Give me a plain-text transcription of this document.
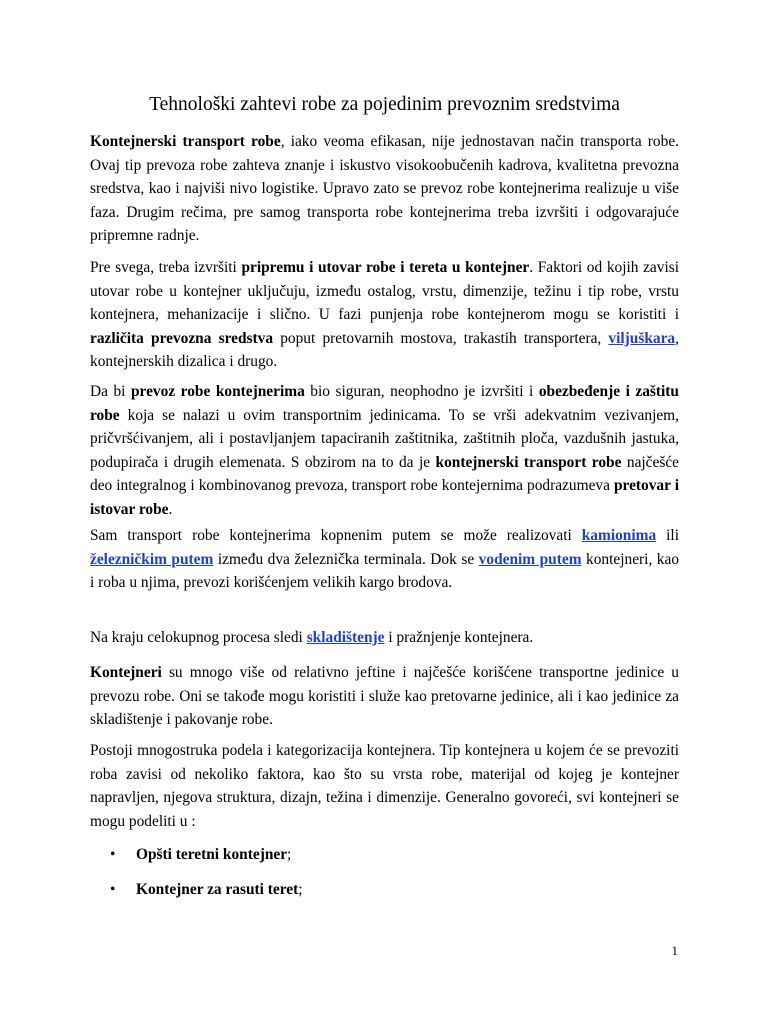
Tehnološki zahtevi robe za pojedinim prevoznim sredstvima

Kontejnerski transport robe, iako veoma efikasan, nije jednostavan način transporta robe. Ovaj tip prevoza robe zahteva znanje i iskustvo visokoobučenih kadrova, kvalitetna prevozna sredstva, kao i najviši nivo logistike. Upravo zato se prevoz robe kontejnerima realizuje u više faza. Drugim rečima, pre samog transporta robe kontejnerima treba izvršiti i odgovarajuće pripremne radnje.

Pre svega, treba izvršiti pripremu i utovar robe i tereta u kontejner. Faktori od kojih zavisi utovar robe u kontejner uključuju, između ostalog, vrstu, dimenzije, težinu i tip robe, vrstu kontejnera, mehanizacije i slično. U fazi punjenja robe kontejnerom mogu se koristiti i različita prevozna sredstva poput pretovarnih mostova, trakastih transportera, viljuškara, kontejnerskih dizalica i drugo.

Da bi prevoz robe kontejnerima bio siguran, neophodno je izvršiti i obezbeđenje i zaštitu robe koja se nalazi u ovim transportnim jedinicama. To se vrši adekvatnim vezivanjem, pričvršćivanjem, ali i postavljanjem tapaciranih zaštitnika, zaštitnih ploča, vazdušnih jastuka, podupirača i drugih elemenata. S obzirom na to da je kontejnerski transport robe najčešće deo integralnog i kombinovanog prevoza, transport robe kontejernima podrazumeva pretovar i istovar robe.

Sam transport robe kontejnerima kopnenim putem se može realizovati kamionima ili železničkim putem između dva železnička terminala. Dok se vodenim putem kontejneri, kao i roba u njima, prevozi korišćenjem velikih kargo brodova.

Na kraju celokupnog procesa sledi skladištenje i pražnjenje kontejnera.

Kontejneri su mnogo više od relativno jeftine i najčešće korišćene transportne jedinice u prevozu robe. Oni se takođe mogu koristiti i služe kao pretovarne jedinice, ali i kao jedinice za skladištenje i pakovanje robe.

Postoji mnogostruka podela i kategorizacija kontejnera. Tip kontejnera u kojem će se prevoziti roba zavisi od nekoliko faktora, kao što su vrsta robe, materijal od kojeg je kontejner napravljen, njegova struktura, dizajn, težina i dimenzije. Generalno govoreći, svi kontejneri se mogu podeliti u :

• Opšti teretni kontejner;
• Kontejner za rasuti teret;
1
